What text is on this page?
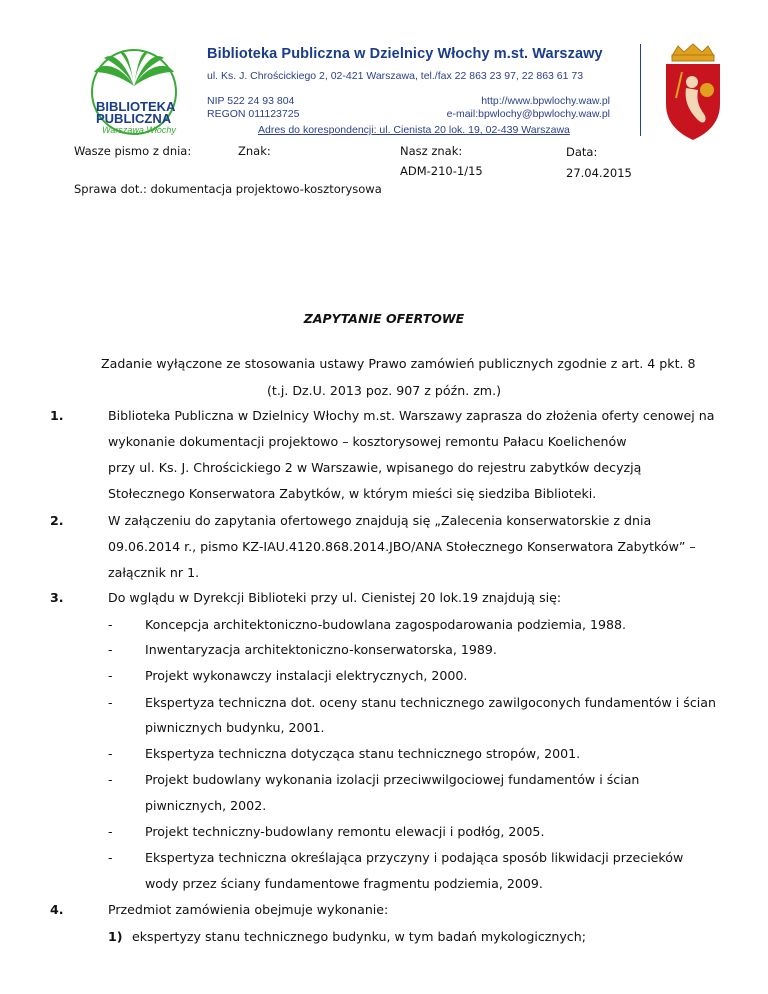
BIBLIOTEKA
PUBLICZNA
Warszawa Włochy
Biblioteka Publiczna w Dzielnicy Włochy m.st. Warszawy
ul. Ks. J. Chrościckiego 2, 02-421 Warszawa, tel./fax 22 863 23 97, 22 863 61 73
NIP 522 24 93 804
REGON 011123725
http://www.bpwlochy.waw.pl
e-mail:bpwlochy@bpwlochy.waw.pl
Adres do korespondencji: ul. Cienista 20 lok. 19, 02-439 Warszawa
Wasze pismo z dnia:	Znak:	Nasz znak:
ADM-210-1/15
Data:
27.04.2015
Sprawa dot.: dokumentacja projektowo-kosztorysowa
ZAPYTANIE OFERTOWE
Zadanie wyłączone ze stosowania ustawy Prawo zamówień publicznych zgodnie z art. 4 pkt. 8
(t.j. Dz.U. 2013 poz. 907 z późn. zm.)
1.	Biblioteka Publiczna w Dzielnicy Włochy m.st. Warszawy zaprasza do złożenia oferty cenowej na
wykonanie dokumentacji projektowo – kosztorysowej remontu Pałacu Koelichenów
przy ul. Ks. J. Chrościckiego 2 w Warszawie, wpisanego do rejestru zabytków decyzją
Stołecznego Konserwatora Zabytków, w którym mieści się siedziba Biblioteki.
2.	W załączeniu do zapytania ofertowego znajdują się „Zalecenia konserwatorskie z dnia
09.06.2014 r., pismo KZ-IAU.4120.868.2014.JBO/ANA Stołecznego Konserwatora Zabytków” –
załącznik nr 1.
3.	Do wglądu w Dyrekcji Biblioteki przy ul. Cienistej 20 lok.19 znajdują się:
-	Koncepcja architektoniczno-budowlana zagospodarowania podziemia, 1988.
-	Inwentaryzacja architektoniczno-konserwatorska, 1989.
-	Projekt wykonawczy instalacji elektrycznych, 2000.
-	Ekspertyza techniczna dot. oceny stanu technicznego zawilgoconych fundamentów i ścian
piwnicznych budynku, 2001.
-	Ekspertyza techniczna dotycząca stanu technicznego stropów, 2001.
-	Projekt budowlany wykonania izolacji przeciwwilgociowej fundamentów i ścian
piwnicznych, 2002.
-	Projekt techniczny-budowlany remontu elewacji i podłóg, 2005.
-	Ekspertyza techniczna określająca przyczyny i podająca sposób likwidacji przecieków
wody przez ściany fundamentowe fragmentu podziemia, 2009.
4.	Przedmiot zamówienia obejmuje wykonanie:
1) ekspertyzy stanu technicznego budynku, w tym badań mykologicznych;
